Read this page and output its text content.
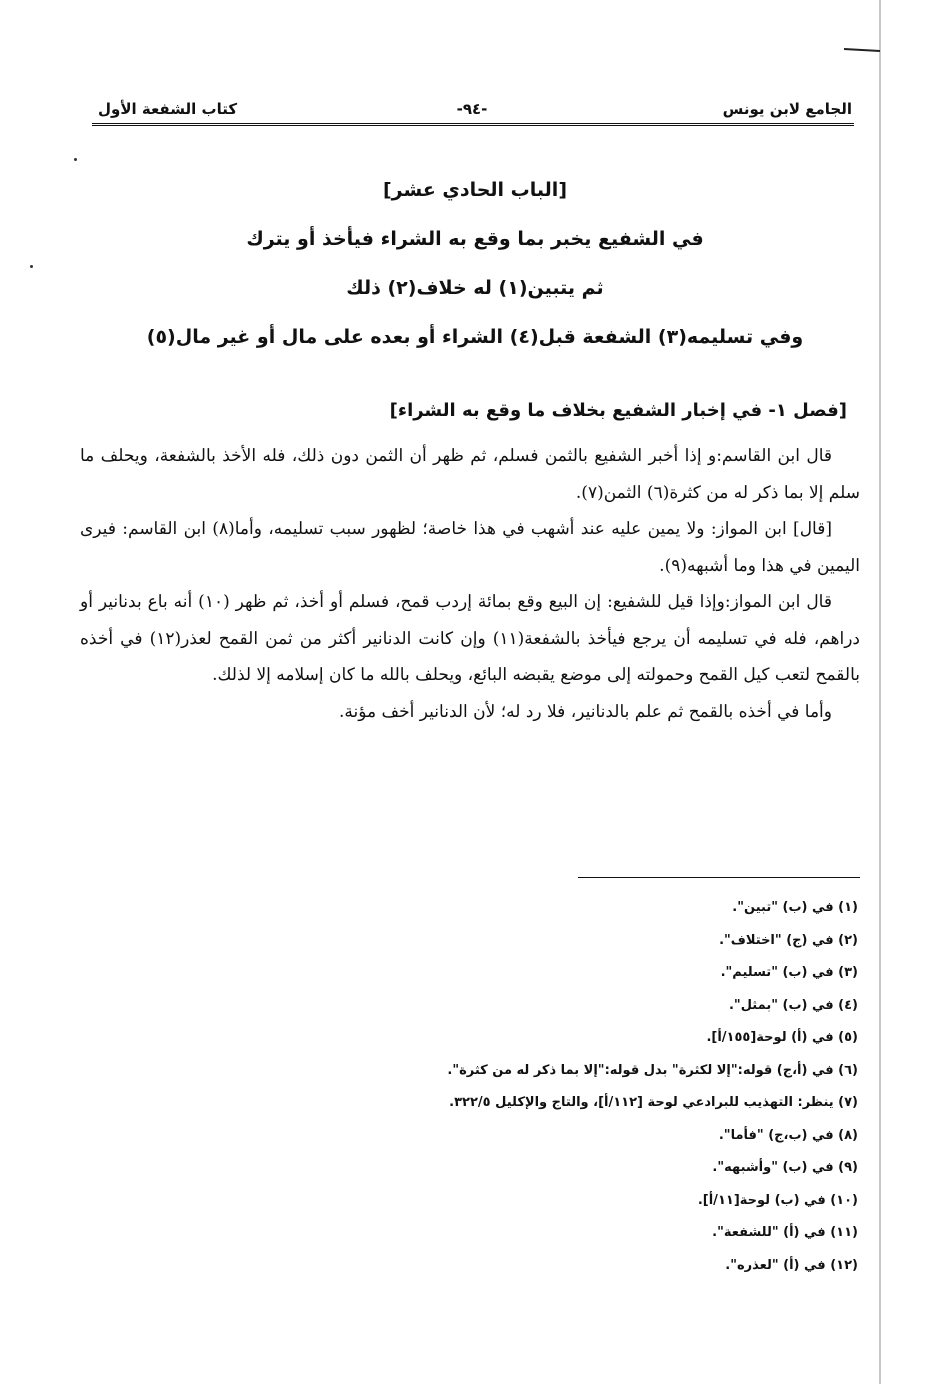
الجامع لابن يونس
-٩٤-
كتاب الشفعة الأول
[الباب الحادي عشر]
في الشفيع يخبر بما وقع به الشراء فيأخذ أو يترك
ثم يتبين(١) له خلاف(٢) ذلك
وفي تسليمه(٣) الشفعة قبل(٤) الشراء أو بعده على مال أو غير مال(٥)
[فصل ١- في إخبار الشفيع بخلاف ما وقع به الشراء]

قال ابن القاسم:و إذا أخبر الشفيع بالثمن فسلم، ثم ظهر أن الثمن دون ذلك، فله الأخذ بالشفعة، ويحلف ما سلم إلا بما ذكر له من كثرة(٦) الثمن(٧).

[قال] ابن المواز: ولا يمين عليه عند أشهب في هذا خاصة؛ لظهور سبب تسليمه، وأما(٨) ابن القاسم: فيرى اليمين في هذا وما أشبهه(٩).

قال ابن المواز:وإذا قيل للشفيع: إن البيع وقع بمائة إردب قمح، فسلم أو أخذ، ثم ظهر (١٠) أنه باع بدنانير أو دراهم، فله في تسليمه أن يرجع فيأخذ بالشفعة(١١) وإن كانت الدنانير أكثر من ثمن القمح لعذر(١٢) في أخذه بالقمح لتعب كيل القمح وحمولته إلى موضع يقبضه البائع، ويحلف بالله ما كان إسلامه إلا لذلك.

وأما في أخذه بالقمح ثم علم بالدنانير، فلا رد له؛ لأن الدنانير أخف مؤنة.

(١) في (ب) "تبين".
(٢) في (ج) "اختلاف".
(٣) في (ب) "تسليم".
(٤) في (ب) "بمثل".
(٥) في (أ) لوحة[١٥٥/أ].
(٦) في (أ،ج) قوله:"إلا لكثرة" بدل قوله:"إلا بما ذكر له من كثرة".
(٧) ينظر: التهذيب للبرادعي لوحة [١١٢/أ]، والتاج والإكليل ٣٢٢/٥.
(٨) في (ب،ج) "فأما".
(٩) في (ب) "وأشبهه".
(١٠) في (ب) لوحة[١١/أ].
(١١) في (أ) "للشفعة".
(١٢) في (أ) "لعذره".
